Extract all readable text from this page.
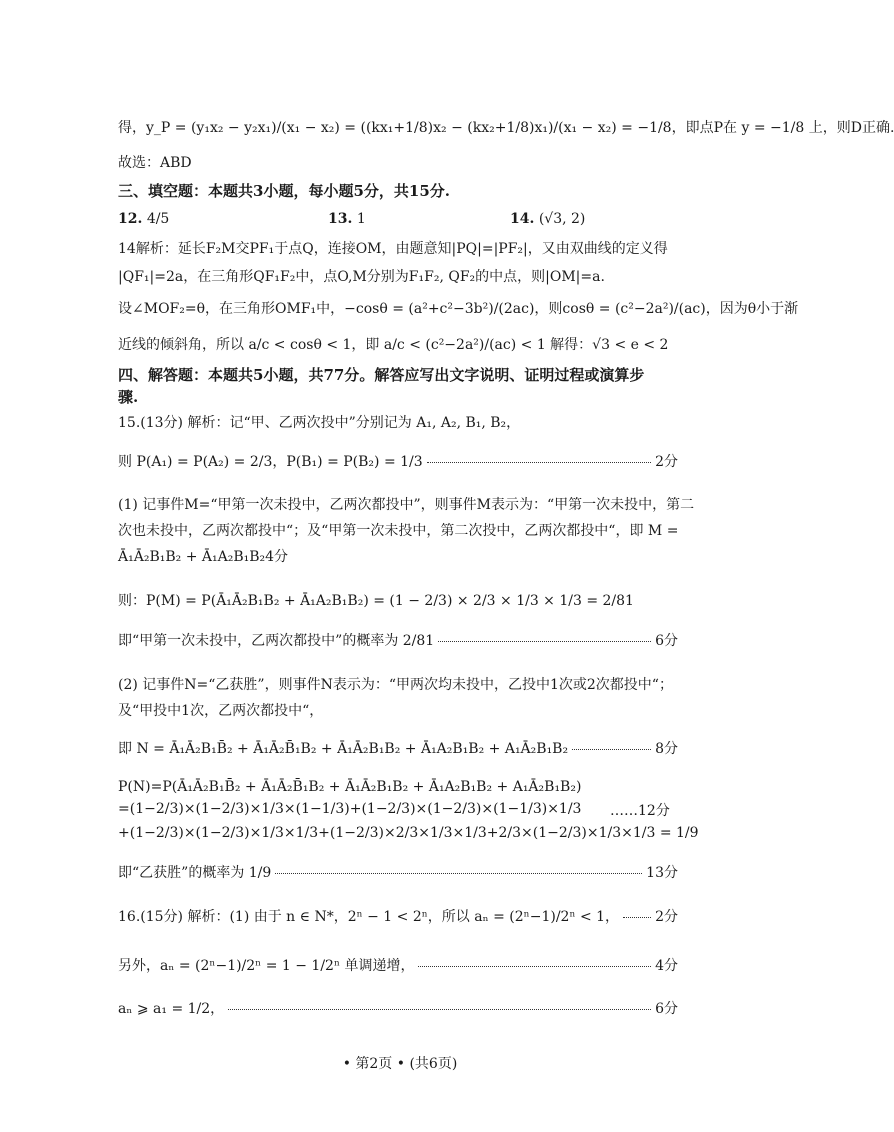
得，y_P = (y₁x₂ − y₂x₁)/(x₁ − x₂) = ((kx₁+1/8)x₂ − (kx₂+1/8)x₁)/(x₁ − x₂) = −1/8，即点P在 y = −1/8 上，则D正确.
故选：ABD
三、填空题：本题共3小题，每小题5分，共15分.
12. 4/5	13. 1	14. (√3, 2)
14解析：延长F₂M交PF₁于点Q，连接OM，由题意知|PQ|=|PF₂|，又由双曲线的定义得
|QF₁|=2a，在三角形QF₁F₂中，点O,M分别为F₁F₂, QF₂的中点，则|OM|=a.
设∠MOF₂=θ，在三角形OMF₁中，−cosθ = (a²+c²−3b²)/(2ac)，则cosθ = (c²−2a²)/(ac)，因为θ小于渐
近线的倾斜角，所以 a/c < cosθ < 1，即 a/c < (c²−2a²)/(ac) < 1 解得：√3 < e < 2
四、解答题：本题共5小题，共77分。解答应写出文字说明、证明过程或演算步
骤.
15.(13分) 解析：记“甲、乙两次投中”分别记为 A₁, A₂, B₁, B₂，
则 P(A₁) = P(A₂) = 2/3，P(B₁) = P(B₂) = 1/3	2分
(1) 记事件M=“甲第一次未投中，乙两次都投中”，则事件M表示为：“甲第一次未投中，第二
次也未投中，乙两次都投中“；及“甲第一次未投中，第二次投中，乙两次都投中“，即 M =
Ā₁Ā₂B₁B₂ + Ā₁A₂B₁B₂4分
则：P(M) = P(Ā₁Ā₂B₁B₂ + Ā₁A₂B₁B₂) = (1 − 2/3) × 2/3 × 1/3 × 1/3 = 2/81
即“甲第一次未投中，乙两次都投中”的概率为 2/81	6分
(2) 记事件N=“乙获胜”，则事件N表示为：“甲两次均未投中，乙投中1次或2次都投中“；
及“甲投中1次，乙两次都投中“，
即 N = Ā₁Ā₂B₁B̄₂ + Ā₁Ā₂B̄₁B₂ + Ā₁Ā₂B₁B₂ + Ā₁A₂B₁B₂ + A₁Ā₂B₁B₂	8分
P(N)=P(Ā₁Ā₂B₁B̄₂ + Ā₁Ā₂B̄₁B₂ + Ā₁Ā₂B₁B₂ + Ā₁A₂B₁B₂ + A₁Ā₂B₁B₂)
=(1−2/3)×(1−2/3)×1/3×(1−1/3)+(1−2/3)×(1−2/3)×(1−1/3)×1/3
+(1−2/3)×(1−2/3)×1/3×1/3+(1−2/3)×2/3×1/3×1/3+2/3×(1−2/3)×1/3×1/3 = 1/9
……12分
即“乙获胜”的概率为 1/9	13分
16.(15分) 解析：(1) 由于 n ∈ N*，2ⁿ − 1 < 2ⁿ，所以 aₙ = (2ⁿ−1)/2ⁿ < 1，	2分
另外，aₙ = (2ⁿ−1)/2ⁿ = 1 − 1/2ⁿ 单调递增，	4分
aₙ ⩾ a₁ = 1/2，	6分
• 第2页 • (共6页)
